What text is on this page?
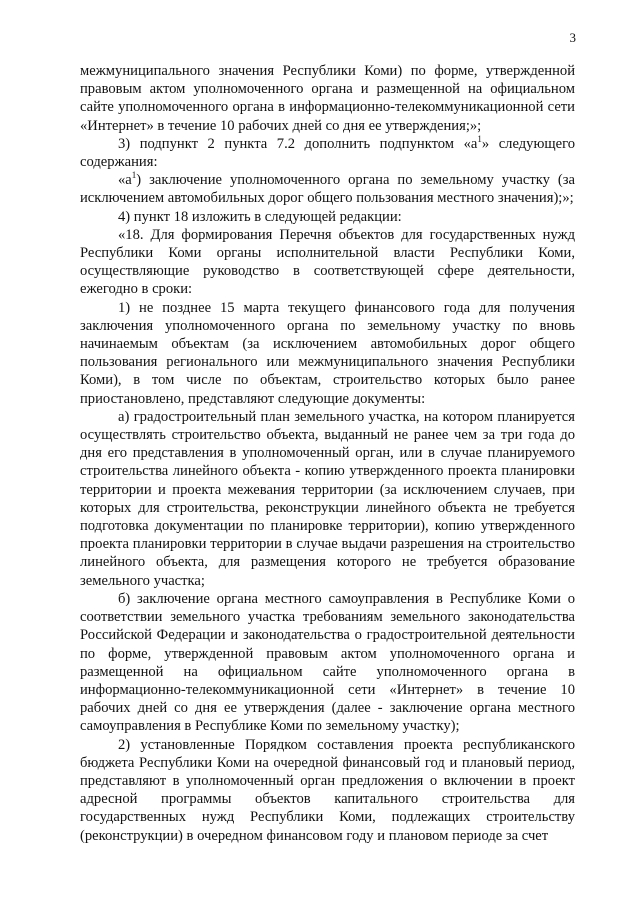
3

межмуниципального значения Республики Коми) по форме, утвержденной правовым актом уполномоченного органа и размещенной на официальном сайте уполномоченного органа в информационно-телекоммуникационной сети «Интернет» в течение 10 рабочих дней со дня ее утверждения;»;

3) подпункт 2 пункта 7.2 дополнить подпунктом «$а^1$» следующего содержания:

«$а^1$) заключение уполномоченного органа по земельному участку (за исключением автомобильных дорог общего пользования местного значения);»;

4) пункт 18 изложить в следующей редакции:

«18. Для формирования Перечня объектов для государственных нужд Республики Коми органы исполнительной власти Республики Коми, осуществляющие руководство в соответствующей сфере деятельности, ежегодно в сроки:

1) не позднее 15 марта текущего финансового года для получения заключения уполномоченного органа по земельному участку по вновь начинаемым объектам (за исключением автомобильных дорог общего пользования регионального или межмуниципального значения Республики Коми), в том числе по объектам, строительство которых было ранее приостановлено, представляют следующие документы:

а) градостроительный план земельного участка, на котором планируется осуществлять строительство объекта, выданный не ранее чем за три года до дня его представления в уполномоченный орган, или в случае планируемого строительства линейного объекта - копию утвержденного проекта планировки территории и проекта межевания территории (за исключением случаев, при которых для строительства, реконструкции линейного объекта не требуется подготовка документации по планировке территории), копию утвержденного проекта планировки территории в случае выдачи разрешения на строительство линейного объекта, для размещения которого не требуется образование земельного участка;

б) заключение органа местного самоуправления в Республике Коми о соответствии земельного участка требованиям земельного законодательства Российской Федерации и законодательства о градостроительной деятельности по форме, утвержденной правовым актом уполномоченного органа и размещенной на официальном сайте уполномоченного органа в информационно-телекоммуникационной сети «Интернет» в течение 10 рабочих дней со дня ее утверждения (далее - заключение органа местного самоуправления в Республике Коми по земельному участку);

2) установленные Порядком составления проекта республиканского бюджета Республики Коми на очередной финансовый год и плановый период, представляют в уполномоченный орган предложения о включении в проект адресной программы объектов капитального строительства для государственных нужд Республики Коми, подлежащих строительству (реконструкции) в очередном финансовом году и плановом периоде за счет
